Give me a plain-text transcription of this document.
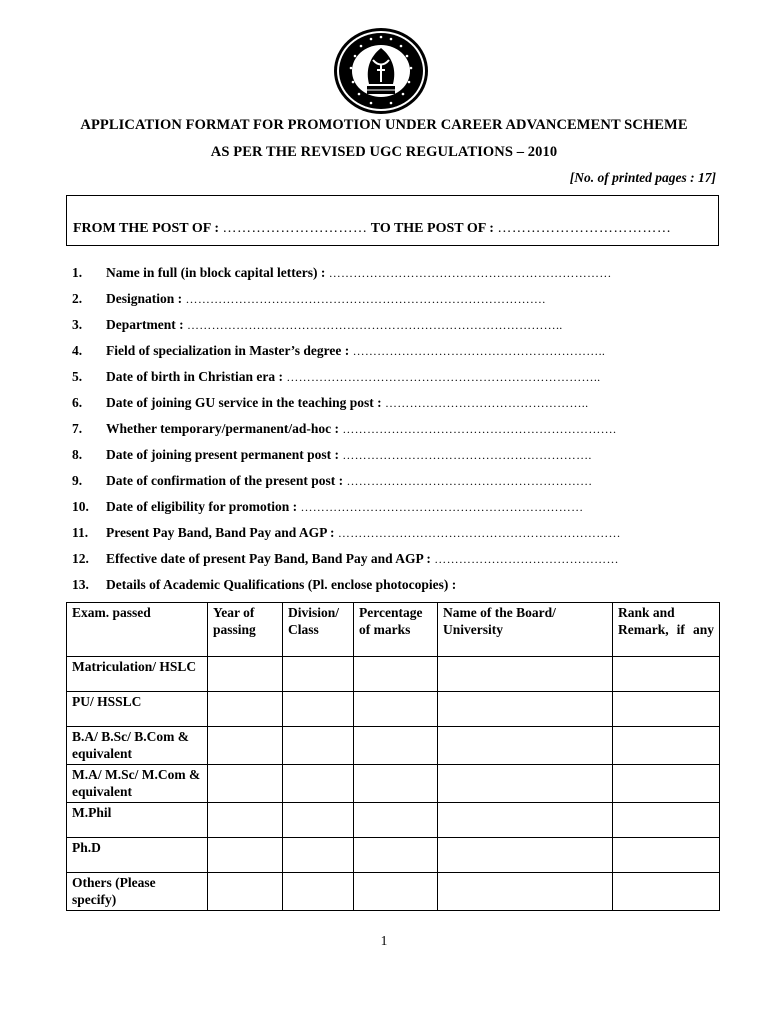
APPLICATION FORMAT FOR PROMOTION UNDER CAREER ADVANCEMENT SCHEME
AS PER THE REVISED UGC REGULATIONS – 2010
[No. of printed pages : 17]
FROM THE POST OF : ………………………… TO THE POST OF : ………………………………
1. Name in full (in block capital letters) : ……………………………………………………………
2. Designation : …………………………………………………………………………….
3. Department : ………………………………………………………………………………..
4. Field of specialization in Master’s degree : ……………………………………………………..
5. Date of birth in Christian era : …………………………………………………………………..
6. Date of joining GU service in the teaching post : …………………………………………..
7. Whether temporary/permanent/ad-hoc : ………………………………………………………….
8. Date of joining present permanent post : …………………………………………………….
9. Date of confirmation of the present post : ……………………………………………………
10. Date of eligibility for promotion : ……………………………………………………………
11. Present Pay Band, Band Pay and AGP : ……………………………………………………………
12. Effective date of present Pay Band, Band Pay and AGP : ………………………………………
13. Details of Academic Qualifications (Pl. enclose photocopies) :
Exam. passed	Year of passing	Division/ Class	Percentage of marks	Name of the Board/ University	Rank and Remark, if any
Matriculation/ HSLC					
PU/ HSSLC					
B.A/ B.Sc/ B.Com & equivalent					
M.A/ M.Sc/ M.Com & equivalent					
M.Phil					
Ph.D					
Others (Please specify)					
1
